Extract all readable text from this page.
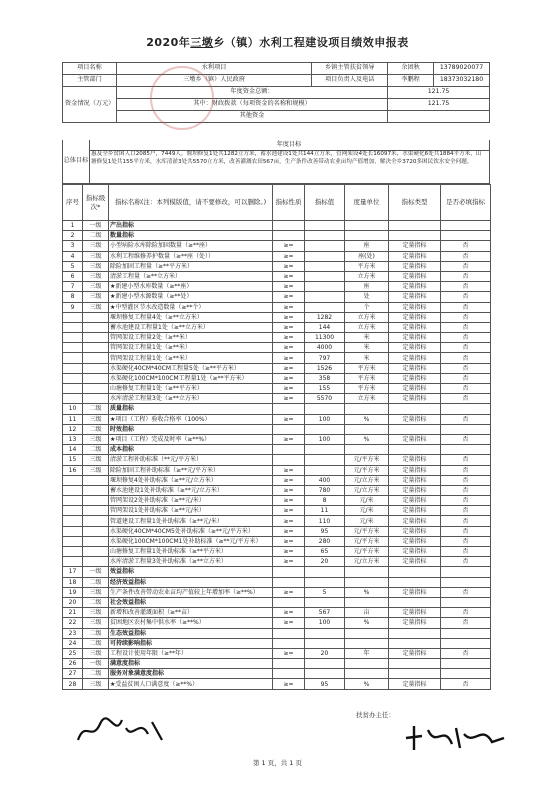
2020年三墩乡（镇）水利工程建设项目绩效申报表
项目名称	水利项目	乡镇主管扶贫领导	余团秋	13789020077
主管部门	三墩乡（镇）人民政府	项目负责人及电话	李鹏程	18373032180
资金情况（万元）	年度资金总额：		121.75	
	其中：财政拨款（每项资金的名称和规模）		121.75	
	其他资金			
总体目标
年度目标
惠及全乡贫困人口2085户，7449人。堰坝修复1处共1282立方米，蓄水池建设1处共144立方米，管网架设4处长16097米，水渠硬化6处共1884平方米，山塘修复1处共155平方米，水库清淤3处共5570立方米，改善灌溉农田567亩，生产条件改善带动农业亩均产值增加，解决全乡3720多困民饮水安全问题。
序号	指标级次*	指标名称(注：本列模版值，请不要修改，可以删除。)	指标性质	指标值	度量单位	指标类型	是否必填指标
1	一级	产出指标					
2	二级	数量指标					
3	三级	小型病险水库除险加固数量（≥**座）	≥=		座	定量指标	否
4	三级	水利工程维修养护数量（≥**座（处））	≥=		座(处)	定量指标	否
5	三级	除险加固工程量（≥**平方米）	≥=		平方米	定量指标	否
6	三级	清淤工程量（≥**立方米）	≥=		立方米	定量指标	否
7	三级	★新建小型水库数量（≥**座）	≥=		座	定量指标	否
8	三级	★新建小型水源数量（≥**处）	≥=		处	定量指标	否
9	三级	★中型灌区节水改造数量（≥**个）	≥=		个	定量指标	否
		堰坝修复工程量4处（≥**立方米）	≥=	1282	立方米	定量指标	否
		蓄水池建设工程量1处（≥**立方米）	≥=	144	立方米	定量指标	否
		管网架设工程量2处（≥**米）	≥=	11300	米	定量指标	否
		管网架设工程量1处（≥**米）	≥=	4000	米	定量指标	否
		管网架设工程量1处（≥**米）	≥=	797	米	定量指标	否
		水渠硬化40CM*40CM工程量5处（≥**平方米）	≥=	1526	平方米	定量指标	否
		水渠硬化100CM*100CM工程量1处（≥**平方米）	≥=	358	平方米	定量指标	否
		山塘修复工程量1处（≥**平方米）	≥=	155	平方米	定量指标	否
		水库清淤工程量3处（≥**立方米）	≥=	5570	立方米	定量指标	否
10	二级	质量指标					
11	三级	★项目（工程）验收合格率（100%）	≥=	100	%	定量指标	否
12	二级	时效指标					
13	三级	★项目（工程）完成及时率（≥**%）	≥=	100	%	定量指标	否
14	二级	成本指标					
15	三级	清淤工程补助标准（**元/平方米）			元/平方米	定量指标	否
16	三级	除险加固工程补助标准（≥**元/平方米）	≥=		元/平方米	定量指标	否
		堰坝修复4处补助标准（≥**元/立方米）	≥=	400	元/立方米	定量指标	否
		蓄水池建设1处补助标准（≥**元/立方米）	≥=	780	元/立方米	定量指标	否
		管网架设2处补助标准（≥**元/米）	≥=	8	元/米	定量指标	否
		管网架设1处补助标准（≥**元/米）	≥=	11	元/米	定量指标	否
		管道建设工程量1处补助标准（≥**元/米）	≥=	110	元/米	定量指标	否
		水渠硬化40CM*40CM5处补助标准（≥**元/平方米）	≥=	95	元/平方米	定量指标	否
		水渠硬化100CM*100CM1处补助标准（≥**元/平方米）	≥=	280	元/平方米	定量指标	否
		山塘修复工程量1处补助标准（≥**平方米）	≥=	65	元/平方米	定量指标	否
		水库清淤工程量3处补助标准（≥**立方米）	≥=	20	元/立方米	定量指标	否
17	一级	效益指标					
18	二级	经济效益指标					
19	三级	生产条件改善带动农业亩均产值较上年增加率（≥**%）	≥=	5	%	定量指标	否
20	二级	社会效益指标					
21	三级	新增和改善灌溉面积（≥**亩）	≥=	567	亩	定量指标	否
22	三级	贫困地区农村集中供水率（≥**%）	≥=	100	%	定量指标	否
23	二级	生态效益指标					
24	二级	可持续影响指标					
25	三级	工程设计使用年限（≥**年）	≥=	20	年	定量指标	否
26	一级	满意度指标					
27	二级	服务对象满意度指标					
28	三级	★受益贫困人口满意度（≥**%）	≥=	95	%	定量指标	否
扶贫办主任：
第 1 页，共 1 页
